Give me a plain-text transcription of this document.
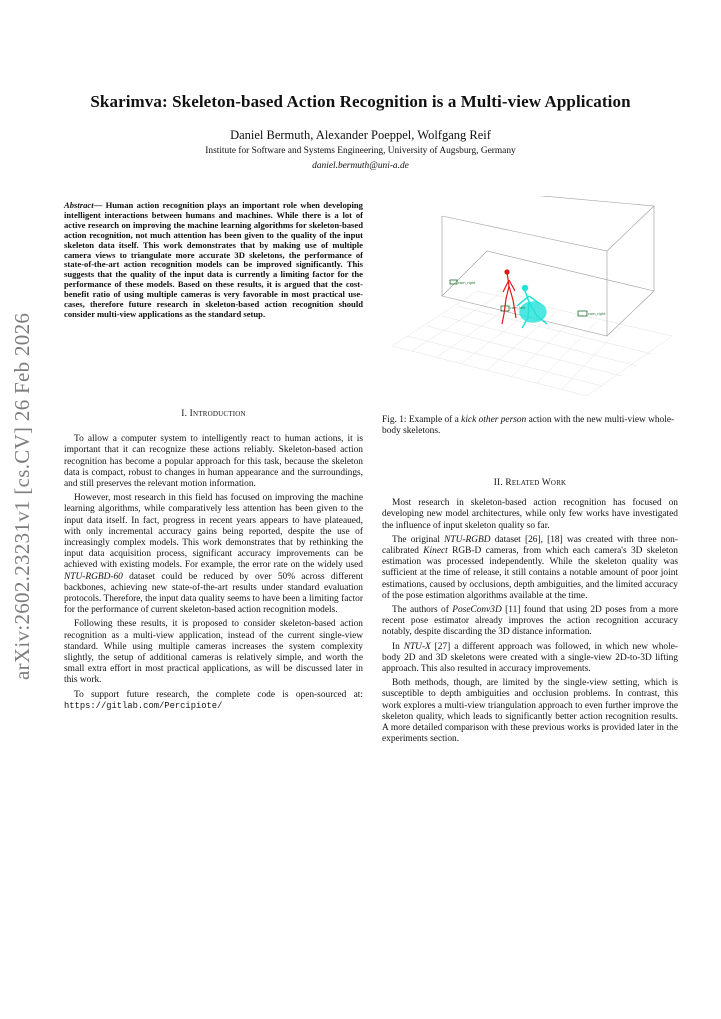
arXiv:2602.23231v1 [cs.CV] 26 Feb 2026
Skarimva: Skeleton-based Action Recognition is a Multi-view Application
Daniel Bermuth, Alexander Poeppel, Wolfgang Reif
Institute for Software and Systems Engineering, University of Augsburg, Germany
daniel.bermuth@uni-a.de
Abstract— Human action recognition plays an important role when developing intelligent interactions between humans and machines. While there is a lot of active research on improving the machine learning algorithms for skeleton-based action recognition, not much attention has been given to the quality of the input skeleton data itself. This work demonstrates that by making use of multiple camera views to triangulate more accurate 3D skeletons, the performance of state-of-the-art action recognition models can be improved significantly. This suggests that the quality of the input data is currently a limiting factor for the performance of these models. Based on these results, it is argued that the cost-benefit ratio of using multiple cameras is very favorable in most practical use-cases, therefore future research in skeleton-based action recognition should consider multi-view applications as the standard setup.
I. Introduction

To allow a computer system to intelligently react to human actions, it is important that it can recognize these actions reliably. Skeleton-based action recognition has become a popular approach for this task, because the skeleton data is compact, robust to changes in human appearance and the surroundings, and still preserves the relevant motion information.

However, most research in this field has focused on improving the machine learning algorithms, while comparatively less attention has been given to the input data itself. In fact, progress in recent years appears to have plateaued, with only incremental accuracy gains being reported, despite the use of increasingly complex models. This work demonstrates that by rethinking the input data acquisition process, significant accuracy improvements can be achieved with existing models. For example, the error rate on the widely used NTU-RGBD-60 dataset could be reduced by over 50% across different backbones, achieving new state-of-the-art results under standard evaluation protocols. Therefore, the input data quality seems to have been a limiting factor for the performance of current skeleton-based action recognition models.

Following these results, it is proposed to consider skeleton-based action recognition as a multi-view application, instead of the current single-view standard. While using multiple cameras increases the system complexity slightly, the setup of additional cameras is relatively simple, and worth the small extra effort in most practical applications, as will be discussed later in this work.

To support future research, the complete code is open-sourced at: https://gitlab.com/Percipiote/

·
·
·
cam_right
cam_left
cam_right
Fig. 1: Example of a kick other person action with the new multi-view whole-body skeletons.
II. Related Work

Most research in skeleton-based action recognition has focused on developing new model architectures, while only few works have investigated the influence of input skeleton quality so far.

The original NTU-RGBD dataset [26], [18] was created with three non-calibrated Kinect RGB-D cameras, from which each camera's 3D skeleton estimation was processed independently. While the skeleton quality was sufficient at the time of release, it still contains a notable amount of poor joint estimations, caused by occlusions, depth ambiguities, and the limited accuracy of the pose estimation algorithms available at the time.

The authors of PoseConv3D [11] found that using 2D poses from a more recent pose estimator already improves the action recognition accuracy notably, despite discarding the 3D distance information.

In NTU-X [27] a different approach was followed, in which new whole-body 2D and 3D skeletons were created with a single-view 2D-to-3D lifting approach. This also resulted in accuracy improvements.

Both methods, though, are limited by the single-view setting, which is susceptible to depth ambiguities and occlusion problems. In contrast, this work explores a multi-view triangulation approach to even further improve the skeleton quality, which leads to significantly better action recognition results. A more detailed comparison with these previous works is provided later in the experiments section.
